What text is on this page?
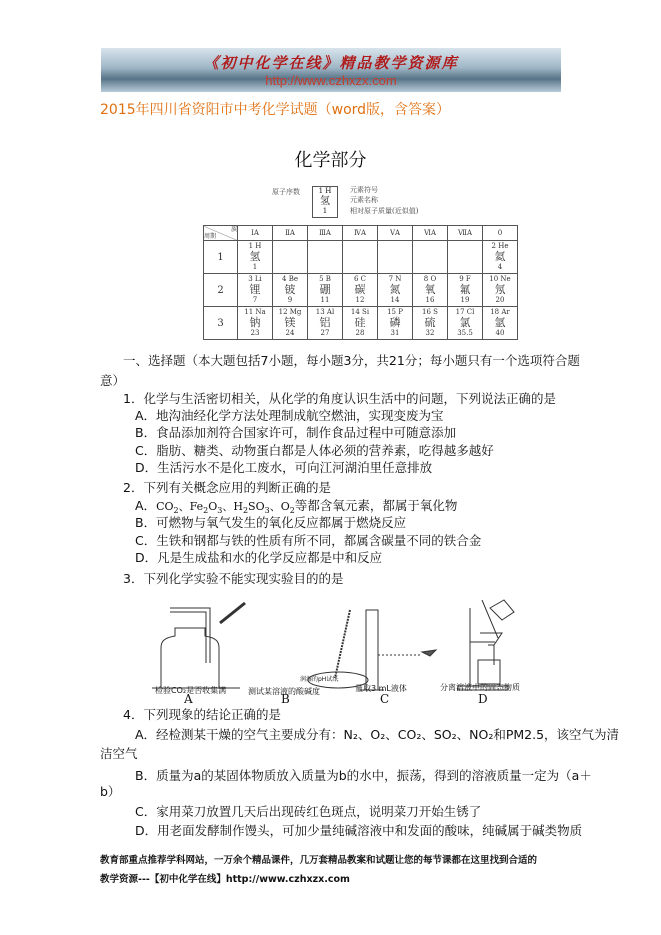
《初中化学在线》精品教学资源库
http://www.czhxzx.com
2015年四川省资阳市中考化学试题（word版，含答案）
化学部分
原子序数	1 H
氢
1
元素符号
元素名称
相对原子质量(近似值)
族

周期	ⅠA	ⅡA	ⅢA	ⅣA	ⅤA	ⅥA	ⅦA	0
1	1 H
氢
1							2 He
氦
4
2	3 Li
锂
7	4 Be
铍
9	5 B
硼
11	6 C
碳
12	7 N
氮
14	8 O
氧
16	9 F
氟
19	10 Ne
氖
20
3	11 Na
钠
23	12 Mg
镁
24	13 Al
铝
27	14 Si
硅
28	15 P
磷
31	16 S
硫
32	17 Cl
氯
35.5	18 Ar
氩
40
一、选择题（本大题包括7小题，每小题3分，共21分；每小题只有一个选项符合题
意）
1．化学与生活密切相关，从化学的角度认识生活中的问题，下列说法正确的是
A．地沟油经化学方法处理制成航空燃油，实现变废为宝
B．食品添加剂符合国家许可，制作食品过程中可随意添加
C．脂肪、糖类、动物蛋白都是人体必须的营养素，吃得越多越好
D．生活污水不是化工废水，可向江河湖泊里任意排放
2．下列有关概念应用的判断正确的是
A．$CO_2$、$Fe_2O_3$、$H_2SO_3$、$O_2$等都含氧元素，都属于氧化物
B．可燃物与氧气发生的氧化反应都属于燃烧反应
C．生铁和钢都与铁的性质有所不同，都属含碳量不同的铁合金
D．凡是生成盐和水的化学反应都是中和反应
3．下列化学实验不能实现实验目的的是
检验CO₂是否收集满
A
润湿的pH试纸
测试某溶液的酸碱度
B
量取3 mL液体
C
分离溶液中的固态物质
D
4．下列现象的结论正确的是
A．经检测某干燥的空气主要成分有：N₂、O₂、CO₂、SO₂、NO₂和PM2.5，该空气为清
洁空气
B．质量为a的某固体物质放入质量为b的水中，振荡，得到的溶液质量一定为（a＋
b）
C．家用菜刀放置几天后出现砖红色斑点，说明菜刀开始生锈了
D．用老面发酵制作馒头，可加少量纯碱溶液中和发面的酸味，纯碱属于碱类物质
教育部重点推荐学科网站，一万余个精品课件，几万套精品教案和试题让您的每节课都在这里找到合适的
教学资源---【初中化学在线】http://www.czhxzx.com
